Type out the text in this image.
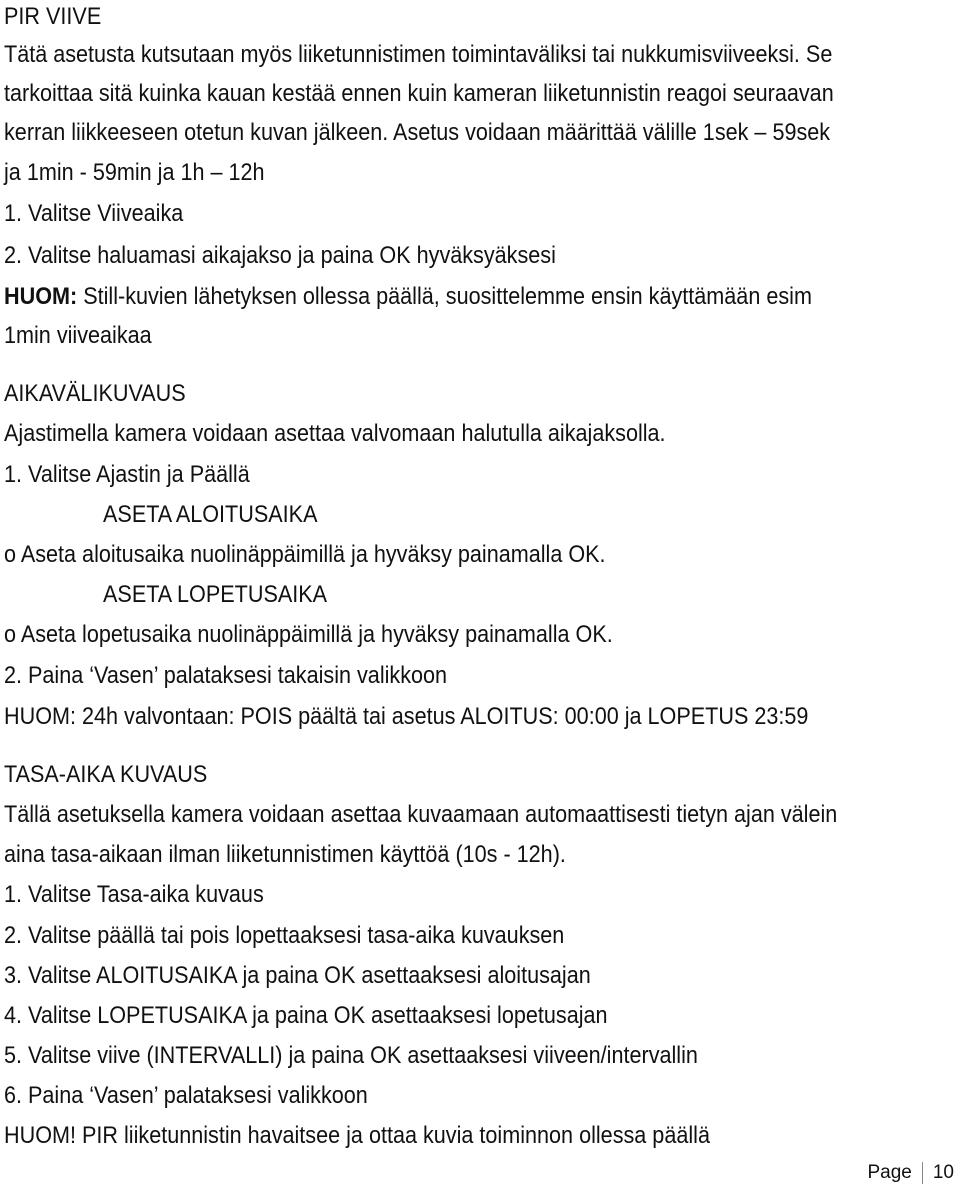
PIR VIIVE
Tätä asetusta kutsutaan myös liiketunnistimen toimintaväliksi tai nukkumisviiveeksi. Se
tarkoittaa sitä kuinka kauan kestää ennen kuin kameran liiketunnistin reagoi seuraavan
kerran liikkeeseen otetun kuvan jälkeen. Asetus voidaan määrittää välille 1sek – 59sek
ja 1min - 59min ja 1h – 12h
1. Valitse Viiveaika
2. Valitse haluamasi aikajakso ja paina OK hyväksyäksesi
HUOM: Still-kuvien lähetyksen ollessa päällä, suosittelemme ensin käyttämään esim
1min viiveaikaa
AIKAVÄLIKUVAUS
Ajastimella kamera voidaan asettaa valvomaan halutulla aikajaksolla.
1. Valitse Ajastin ja Päällä
ASETA ALOITUSAIKA
o Aseta aloitusaika nuolinäppäimillä ja hyväksy painamalla OK.
ASETA LOPETUSAIKA
o Aseta lopetusaika nuolinäppäimillä ja hyväksy painamalla OK.
2. Paina ‘Vasen’ palataksesi takaisin valikkoon
HUOM: 24h valvontaan: POIS päältä tai asetus ALOITUS: 00:00 ja LOPETUS 23:59
TASA-AIKA KUVAUS
Tällä asetuksella kamera voidaan asettaa kuvaamaan automaattisesti tietyn ajan välein
aina tasa-aikaan ilman liiketunnistimen käyttöä (10s - 12h).
1. Valitse Tasa-aika kuvaus
2. Valitse päällä tai pois lopettaaksesi tasa-aika kuvauksen
3. Valitse ALOITUSAIKA ja paina OK asettaaksesi aloitusajan
4. Valitse LOPETUSAIKA ja paina OK asettaaksesi lopetusajan
5. Valitse viive (INTERVALLI) ja paina OK asettaaksesi viiveen/intervallin
6. Paina ‘Vasen’ palataksesi valikkoon
HUOM! PIR liiketunnistin havaitsee ja ottaa kuvia toiminnon ollessa päällä
Page	10
